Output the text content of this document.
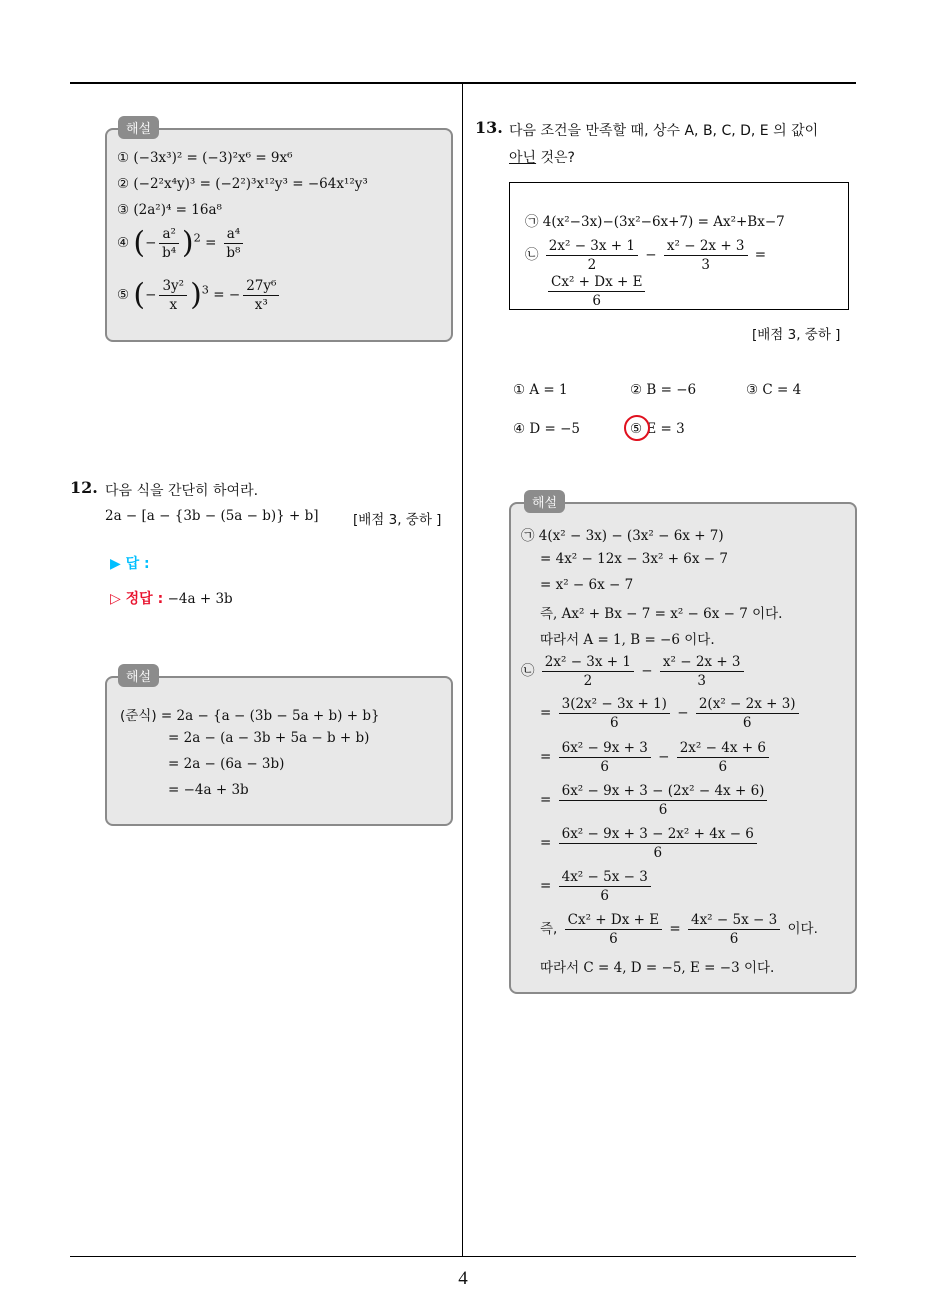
4
해설
① (−3x³)² = (−3)²x⁶ = 9x⁶
② (−2²x⁴y)³ = (−2²)³x¹²y³ = −64x¹²y³
③ (2a²)⁴ = 16a⁸
④ (− $\frac{\text{a²}}{\text{b⁴}} )^2 = \frac{\text{a⁴}}{\text{b⁸}}$
⑤ (− $\frac{\text{3y²}}{x} )^3$ = − $\frac{\text{27y⁶}}{\text{x³}}$
12. 다음 식을 간단히 하여라.
2a − [a − {3b − (5a − b)} + b]	[배점 3, 중하 ]
▶ 답 :
▷ 정답 : −4a + 3b
해설
(준식) = 2a − {a − (3b − 5a + b) + b}
= 2a − (a − 3b + 5a − b + b)
= 2a − (6a − 3b)
= −4a + 3b
13. 다음 조건을 만족할 때, 상수 A, B, C, D, E 의 값이
아닌 것은?
㉠ 4(x²−3x)−(3x²−6x+7) = Ax²+Bx−7
㉡ $\frac{\text{2x² − 3x + 1}}{2} - \frac{\text{x² − 2x + 3}}{3}$ =
$\frac{\text{Cx² + Dx + E}}{6}$
[배점 3, 중하 ]
① A = 1	② B = −6	③ C = 4
④ D = −5	⑤ E = 3
해설
㉠ 4(x² − 3x) − (3x² − 6x + 7)
= 4x² − 12x − 3x² + 6x − 7
= x² − 6x − 7
즉, Ax² + Bx − 7 = x² − 6x − 7 이다.
따라서 A = 1, B = −6 이다.
㉡ $\frac{\text{2x² − 3x + 1}}{2} - \frac{\text{x² − 2x + 3}}{3}$
= $\frac{\text{3(2x² − 3x + 1)}}{6} - \frac{\text{2(x² − 2x + 3)}}{6}$
= $\frac{\text{6x² − 9x + 3}}{6} - \frac{\text{2x² − 4x + 6}}{6}$
= $\frac{\text{6x² − 9x + 3 − (2x² − 4x + 6)}}{6}$
= $\frac{\text{6x² − 9x + 3 − 2x² + 4x − 6}}{6}$
= $\frac{\text{4x² − 5x − 3}}{6}$
즉, $\frac{\text{Cx² + Dx + E}}{6} = \frac{\text{4x² − 5x − 3}}{6}$ 이다.
따라서 C = 4, D = −5, E = −3 이다.
